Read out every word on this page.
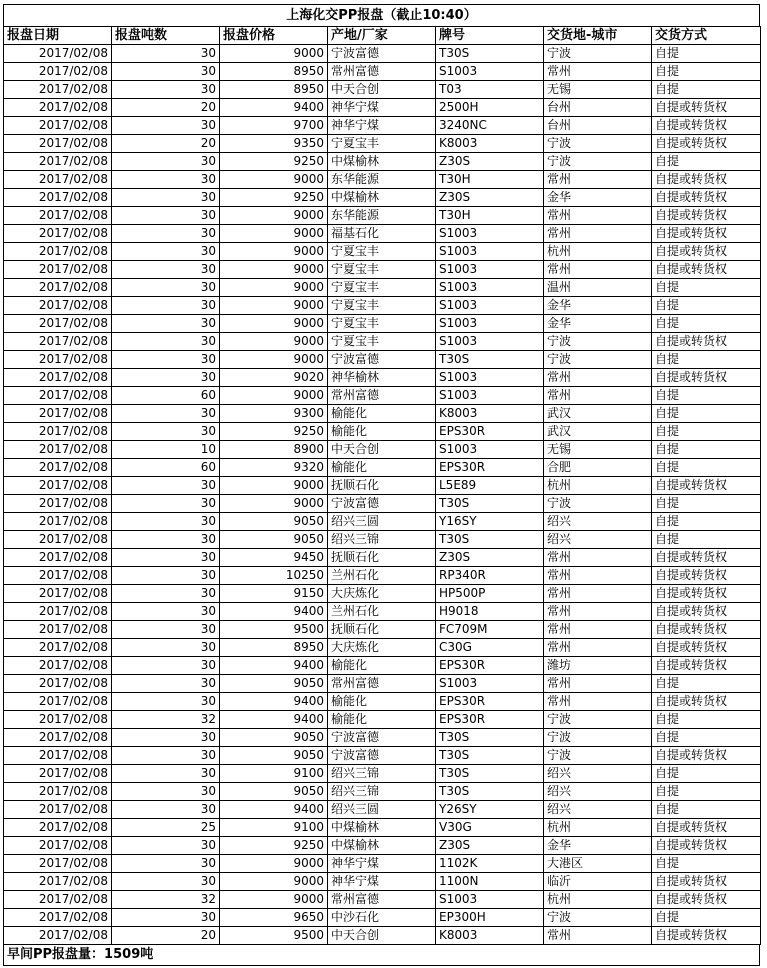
上海化交PP报盘（截止10:40）
报盘日期	报盘吨数	报盘价格	产地/厂家	牌号	交货地-城市	交货方式
2017/02/08	30	9000	宁波富德	T30S	宁波	自提
2017/02/08	30	8950	常州富德	S1003	常州	自提
2017/02/08	30	8950	中天合创	T03	无锡	自提
2017/02/08	20	9400	神华宁煤	2500H	台州	自提或转货权
2017/02/08	30	9700	神华宁煤	3240NC	台州	自提或转货权
2017/02/08	20	9350	宁夏宝丰	K8003	宁波	自提或转货权
2017/02/08	30	9250	中煤榆林	Z30S	宁波	自提
2017/02/08	30	9000	东华能源	T30H	常州	自提或转货权
2017/02/08	30	9250	中煤榆林	Z30S	金华	自提或转货权
2017/02/08	30	9000	东华能源	T30H	常州	自提或转货权
2017/02/08	30	9000	福基石化	S1003	常州	自提或转货权
2017/02/08	30	9000	宁夏宝丰	S1003	杭州	自提或转货权
2017/02/08	30	9000	宁夏宝丰	S1003	常州	自提或转货权
2017/02/08	30	9000	宁夏宝丰	S1003	温州	自提
2017/02/08	30	9000	宁夏宝丰	S1003	金华	自提
2017/02/08	30	9000	宁夏宝丰	S1003	金华	自提
2017/02/08	30	9000	宁夏宝丰	S1003	宁波	自提或转货权
2017/02/08	30	9000	宁波富德	T30S	宁波	自提
2017/02/08	30	9020	神华榆林	S1003	常州	自提或转货权
2017/02/08	60	9000	常州富德	S1003	常州	自提
2017/02/08	30	9300	榆能化	K8003	武汉	自提
2017/02/08	30	9250	榆能化	EPS30R	武汉	自提
2017/02/08	10	8900	中天合创	S1003	无锡	自提
2017/02/08	60	9320	榆能化	EPS30R	合肥	自提
2017/02/08	30	9000	抚顺石化	L5E89	杭州	自提或转货权
2017/02/08	30	9000	宁波富德	T30S	宁波	自提
2017/02/08	30	9050	绍兴三圆	Y16SY	绍兴	自提
2017/02/08	30	9050	绍兴三锦	T30S	绍兴	自提
2017/02/08	30	9450	抚顺石化	Z30S	常州	自提或转货权
2017/02/08	30	10250	兰州石化	RP340R	常州	自提或转货权
2017/02/08	30	9150	大庆炼化	HP500P	常州	自提或转货权
2017/02/08	30	9400	兰州石化	H9018	常州	自提或转货权
2017/02/08	30	9500	抚顺石化	FC709M	常州	自提或转货权
2017/02/08	30	8950	大庆炼化	C30G	常州	自提或转货权
2017/02/08	30	9400	榆能化	EPS30R	潍坊	自提或转货权
2017/02/08	30	9050	常州富德	S1003	常州	自提
2017/02/08	30	9400	榆能化	EPS30R	常州	自提或转货权
2017/02/08	32	9400	榆能化	EPS30R	宁波	自提
2017/02/08	30	9050	宁波富德	T30S	宁波	自提
2017/02/08	30	9050	宁波富德	T30S	宁波	自提或转货权
2017/02/08	30	9100	绍兴三锦	T30S	绍兴	自提
2017/02/08	30	9050	绍兴三锦	T30S	绍兴	自提
2017/02/08	30	9400	绍兴三圆	Y26SY	绍兴	自提
2017/02/08	25	9100	中煤榆林	V30G	杭州	自提或转货权
2017/02/08	30	9250	中煤榆林	Z30S	金华	自提或转货权
2017/02/08	30	9000	神华宁煤	1102K	大港区	自提
2017/02/08	30	9000	神华宁煤	1100N	临沂	自提或转货权
2017/02/08	32	9000	常州富德	S1003	杭州	自提或转货权
2017/02/08	30	9650	中沙石化	EP300H	宁波	自提
2017/02/08	20	9500	中天合创	K8003	常州	自提或转货权
早间PP报盘量：1509吨
